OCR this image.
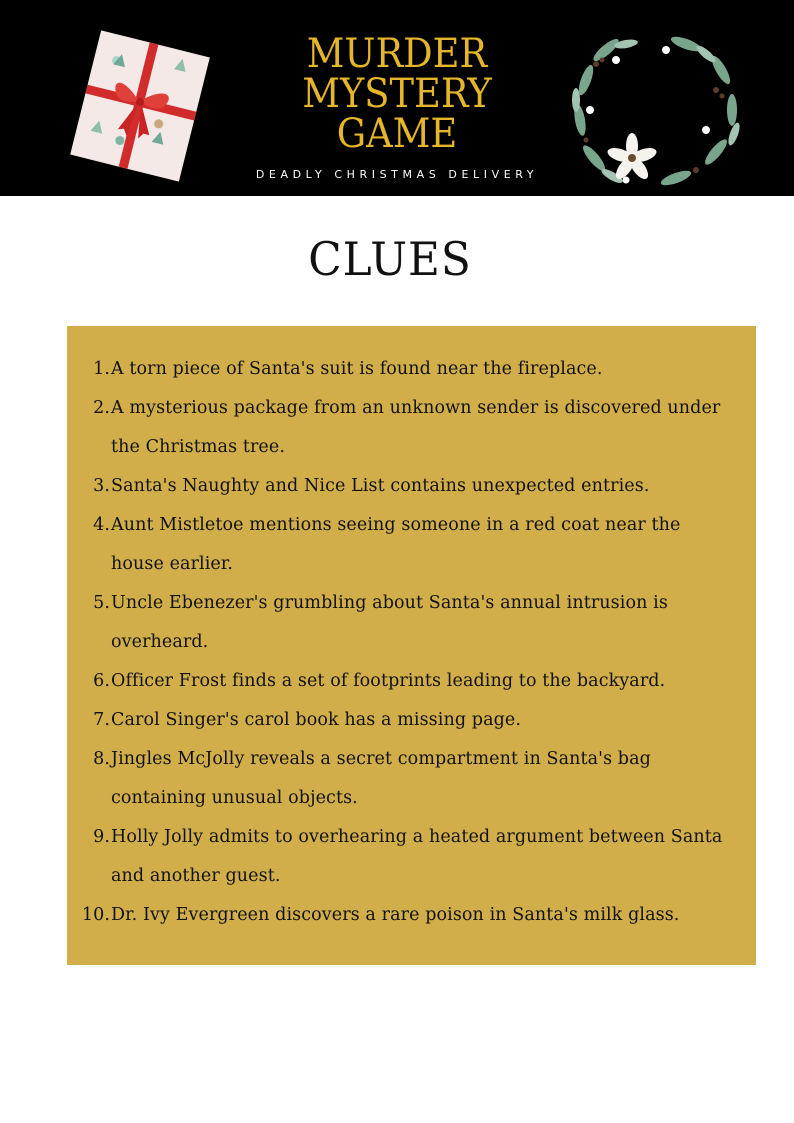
MURDER
MYSTERY
GAME
DEADLY CHRISTMAS DELIVERY
CLUES
1. A torn piece of Santa's suit is found near the fireplace.
2. A mysterious package from an unknown sender is discovered under the Christmas tree.
3. Santa's Naughty and Nice List contains unexpected entries.
4. Aunt Mistletoe mentions seeing someone in a red coat near the house earlier.
5. Uncle Ebenezer's grumbling about Santa's annual intrusion is overheard.
6. Officer Frost finds a set of footprints leading to the backyard.
7. Carol Singer's carol book has a missing page.
8. Jingles McJolly reveals a secret compartment in Santa's bag containing unusual objects.
9. Holly Jolly admits to overhearing a heated argument between Santa and another guest.
10. Dr. Ivy Evergreen discovers a rare poison in Santa's milk glass.
